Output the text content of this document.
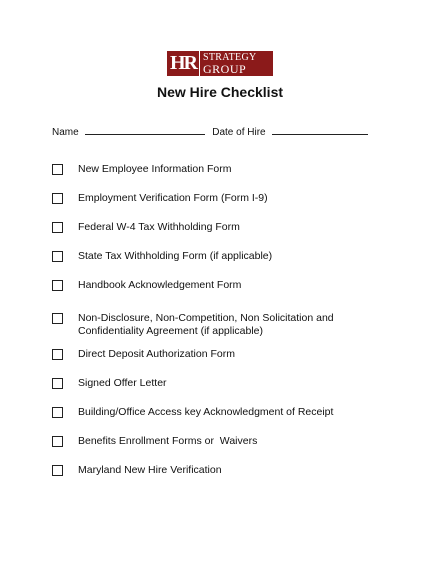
HR STRATEGY
GROUP
New Hire Checklist
Name	Date of Hire
New Employee Information Form
Employment Verification Form (Form I-9)
Federal W-4 Tax Withholding Form
State Tax Withholding Form (if applicable)
Handbook Acknowledgement Form
Non-Disclosure, Non-Competition, Non Solicitation and Confidentiality Agreement (if applicable)
Direct Deposit Authorization Form
Signed Offer Letter
Building/Office Access key Acknowledgment of Receipt
Benefits Enrollment Forms or  Waivers
Maryland New Hire Verification
